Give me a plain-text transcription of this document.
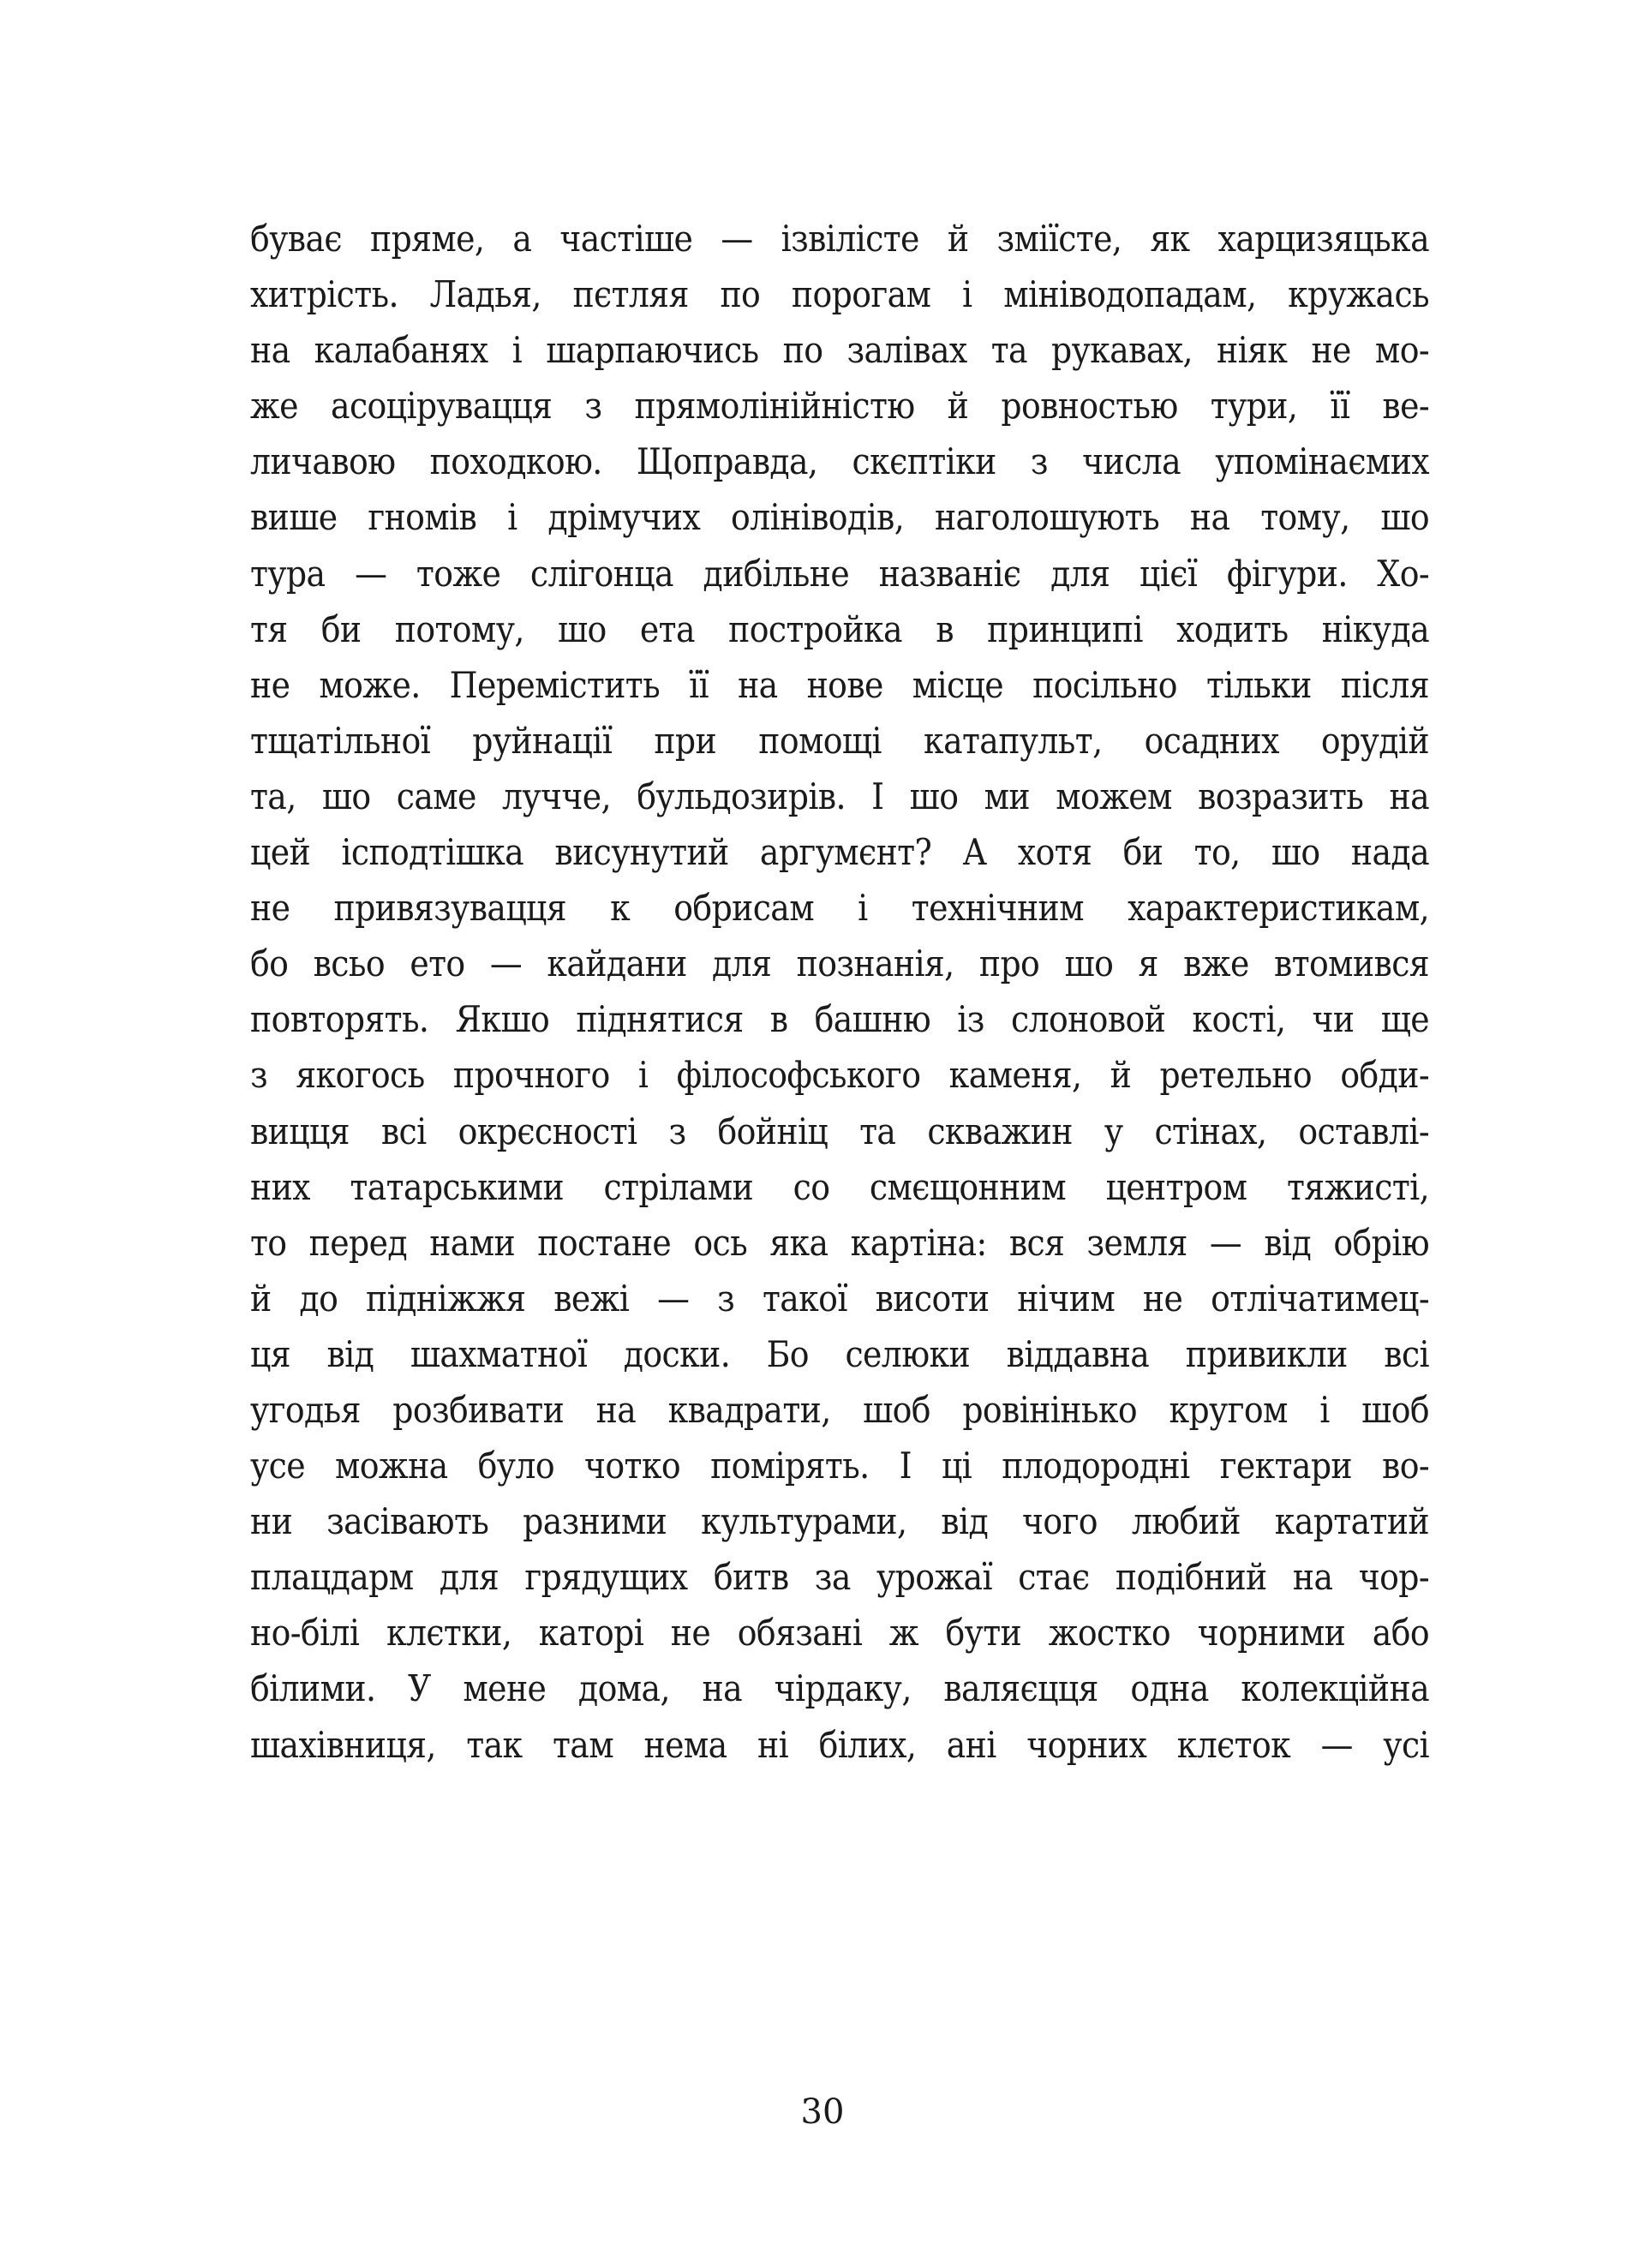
буває пряме, а частіше — ізвілісте й зміїсте, як харцизяцька
хитрість. Ладья, пєтляя по порогам і мініводопадам, кружась
на калабанях і шарпаючись по залівах та рукавах, ніяк не мо-
же асоцірувацця з прямолінійністю й ровностью тури, її ве-
личавою походкою. Щоправда, скєптіки з числа упомінаємих
више гномів і дрімучих олініводів, наголошують на тому, шо
тура — тоже слігонца дибільне названіє для цієї фігури. Хо-
тя би потому, шо ета постройка в принципі ходить нікуда
не може. Перемістить її на нове місце посільно тільки після
тщатільної руйнації при помощі катапульт, осадних орудій
та, шо саме лучче, бульдозирів. І шо ми можем возразить на
цей іcподтішка висунутий аргумєнт? А хотя би то, шо нада
не привязувацця к обрисам і технічним характеристикам,
бо всьо ето — кайдани для познанія, про шо я вже втомився
повторять. Якшо піднятися в башню із слоновой кості, чи ще
з якогось прочного і філософського каменя, й ретельно обди-
вицця всі окрєсності з бойніц та скважин у стінах, оставлі-
них татарськими стрілами со смєщонним центром тяжисті,
то перед нами постане ось яка картіна: вся земля — від обрію
й до підніжжя вежі — з такої висоти нічим не отлічатимец-
ця від шахматної доски. Бо селюки віддавна привикли всі
угодья розбивати на квадрати, шоб ровінінько кругом і шоб
усе можна було чотко помірять. І ці плодородні гектари во-
ни засівають разними культурами, від чого любий картатий
плацдарм для грядущих битв за урожаї стає подібний на чор-
но-білі клєтки, каторі не обязані ж бути жостко чорними або
білими. У мене дома, на чірдаку, валяєцця одна колекційна
шахівниця, так там нема ні білих, ані чорних клєток — усі
30
